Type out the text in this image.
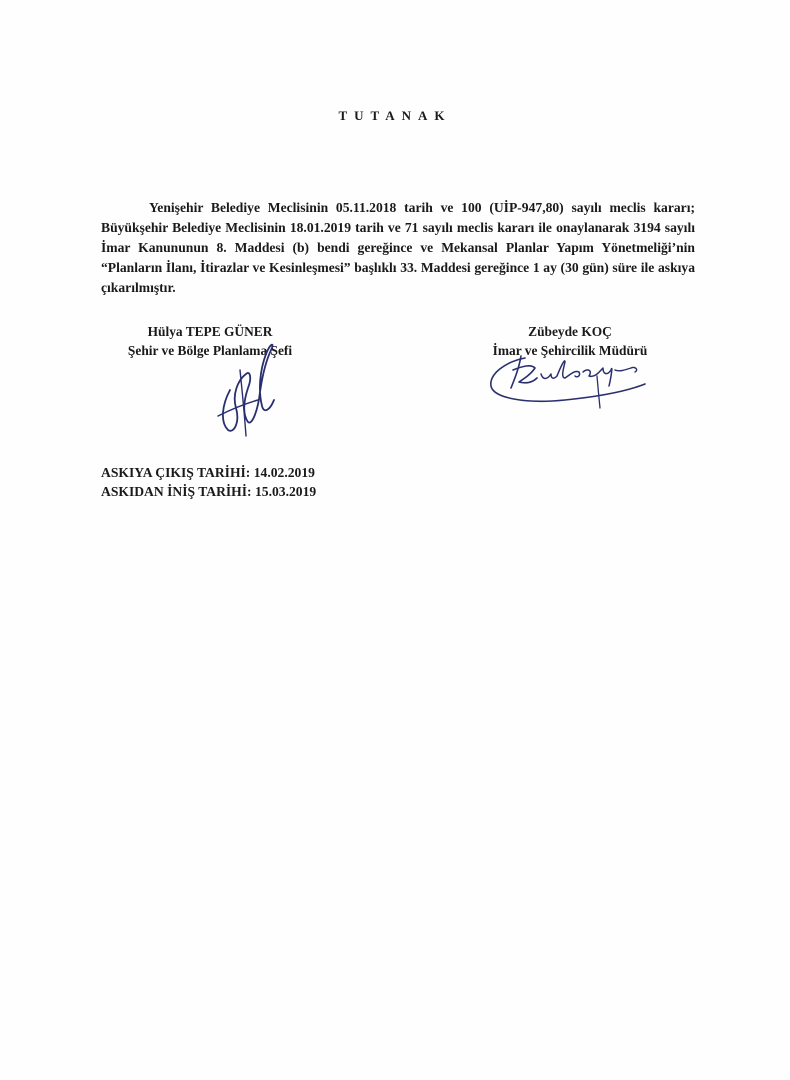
TUTANAK
Yenişehir Belediye Meclisinin 05.11.2018 tarih ve 100 (UİP-947,80) sayılı meclis kararı; Büyükşehir Belediye Meclisinin 18.01.2019 tarih ve 71 sayılı meclis kararı ile onaylanarak 3194 sayılı İmar Kanununun 8. Maddesi (b) bendi gereğince ve Mekansal Planlar Yapım Yönetmeliği’nin “Planların İlanı, İtirazlar ve Kesinleşmesi” başlıklı 33. Maddesi gereğince 1 ay (30 gün) süre ile askıya çıkarılmıştır.
Hülya TEPE GÜNER
Şehir ve Bölge Planlama Şefi
Zübeyde KOÇ
İmar ve Şehircilik Müdürü
ASKIYA ÇIKIŞ TARİHİ: 14.02.2019
ASKIDAN İNİŞ TARİHİ: 15.03.2019
